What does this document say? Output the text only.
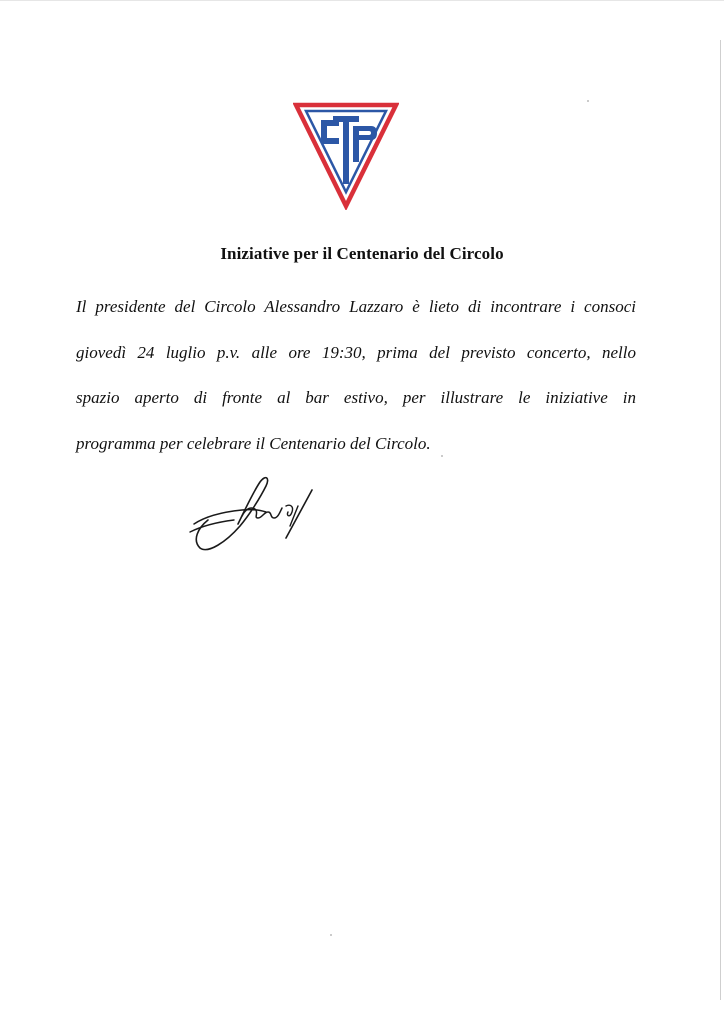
Iniziative per il Centenario del Circolo
Il presidente del Circolo Alessandro Lazzaro è lieto di incontrare i consoci
giovedì 24 luglio p.v. alle ore 19:30, prima del previsto concerto, nello
spazio aperto di fronte al bar estivo, per illustrare le iniziative in
programma per celebrare il Centenario del Circolo.
